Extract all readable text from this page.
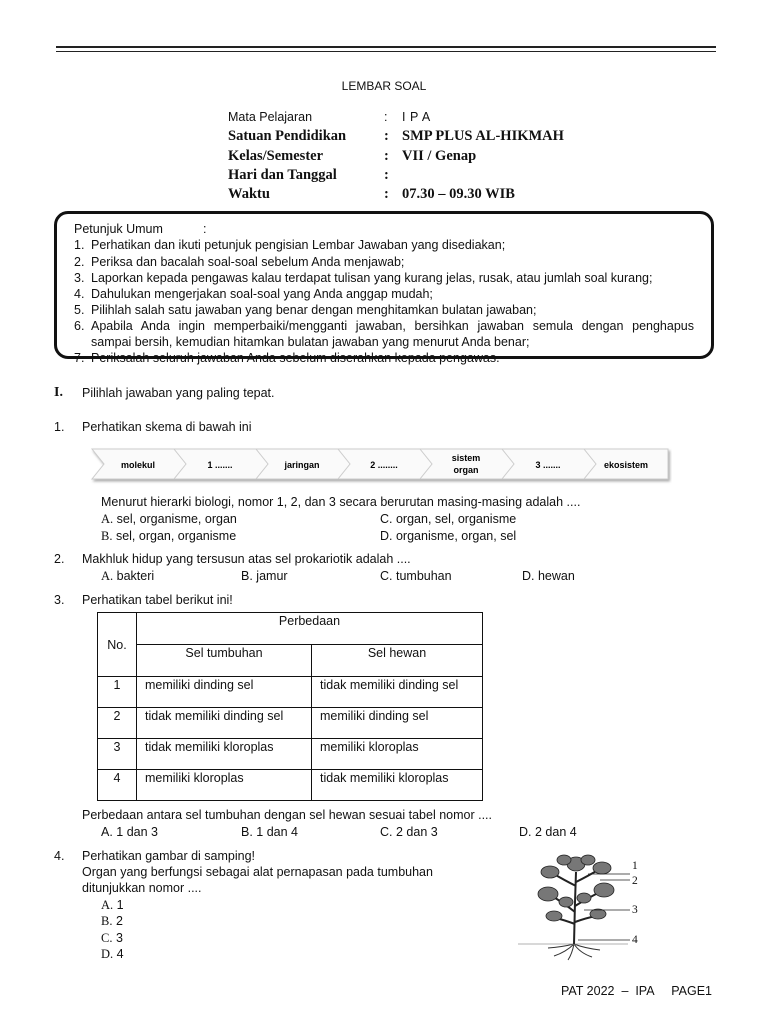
LEMBAR SOAL
Mata Pelajaran	: I P A
Satuan Pendidikan	: SMP PLUS AL-HIKMAH
Kelas/Semester	: VII / Genap
Hari dan Tanggal	:
Waktu	: 07.30 – 09.30 WIB
Petunjuk Umum	:
1. Perhatikan dan ikuti petunjuk pengisian Lembar Jawaban yang disediakan;
2. Periksa dan bacalah soal-soal sebelum Anda menjawab;
3. Laporkan kepada pengawas kalau terdapat tulisan yang kurang jelas, rusak, atau jumlah soal kurang;
4. Dahulukan mengerjakan soal-soal yang Anda anggap mudah;
5. Pilihlah salah satu jawaban yang benar dengan menghitamkan bulatan jawaban;
6. Apabila Anda ingin memperbaiki/mengganti jawaban, bersihkan jawaban semula dengan penghapus
sampai bersih, kemudian hitamkan bulatan jawaban yang menurut Anda benar;
7. Periksalah seluruh jawaban Anda sebelum diserahkan kepada pengawas.
I. Pilihlah jawaban yang paling tepat.
1. Perhatikan skema di bawah ini
molekul	1 .......	jaringan	2 ........
sistem
organ	3 .......	ekosistem
Menurut hierarki biologi, nomor 1, 2, dan 3 secara berurutan masing-masing adalah ....
A. sel, organisme, organ	C. organ, sel, organisme
B. sel, organ, organisme	D. organisme, organ, sel
2. Makhluk hidup yang tersusun atas sel prokariotik adalah ....
A. bakteri	B. jamur	C. tumbuhan	D. hewan
3. Perhatikan tabel berikut ini!
No.	Perbedaan	
	Sel tumbuhan	Sel hewan
1	memiliki dinding sel	tidak memiliki dinding sel
2	tidak memiliki dinding sel	memiliki dinding sel
3	tidak memiliki kloroplas	memiliki kloroplas
4	memiliki kloroplas	tidak memiliki kloroplas
Perbedaan antara sel tumbuhan dengan sel hewan sesuai tabel nomor ....
A. 1 dan 3	B. 1 dan 4	C. 2 dan 3	D. 2 dan 4
4. Perhatikan gambar di samping!
Organ yang berfungsi sebagai alat pernapasan pada tumbuhan
ditunjukkan nomor ....
A. 1
B. 2
C. 3
D. 4
1
2
3
4
PAT 2022  –  IPA     PAGE1
